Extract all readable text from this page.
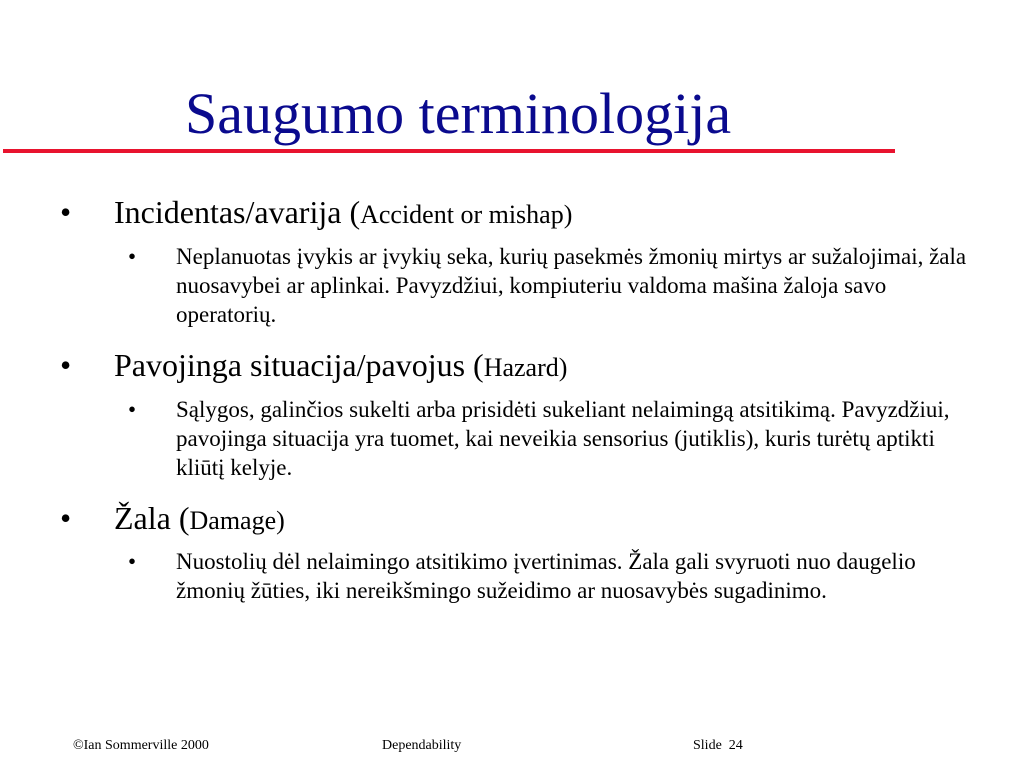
Saugumo terminologija
•	Incidentas/avarija (Accident or mishap)
•	Neplanuotas įvykis ar įvykių seka, kurių pasekmės žmonių mirtys ar sužalojimai, žala nuosavybei ar aplinkai. Pavyzdžiui, kompiuteriu valdoma mašina žaloja savo operatorių.
•	Pavojinga situacija/pavojus (Hazard)
•	Sąlygos, galinčios sukelti arba prisidėti sukeliant nelaimingą atsitikimą. Pavyzdžiui, pavojinga situacija yra tuomet, kai neveikia sensorius (jutiklis), kuris turėtų aptikti kliūtį kelyje.
•	Žala (Damage)
•	Nuostolių dėl nelaimingo atsitikimo įvertinimas. Žala gali svyruoti nuo daugelio žmonių žūties, iki nereikšmingo sužeidimo ar nuosavybės sugadinimo.
©Ian Sommerville 2000	Dependability	Slide  24
